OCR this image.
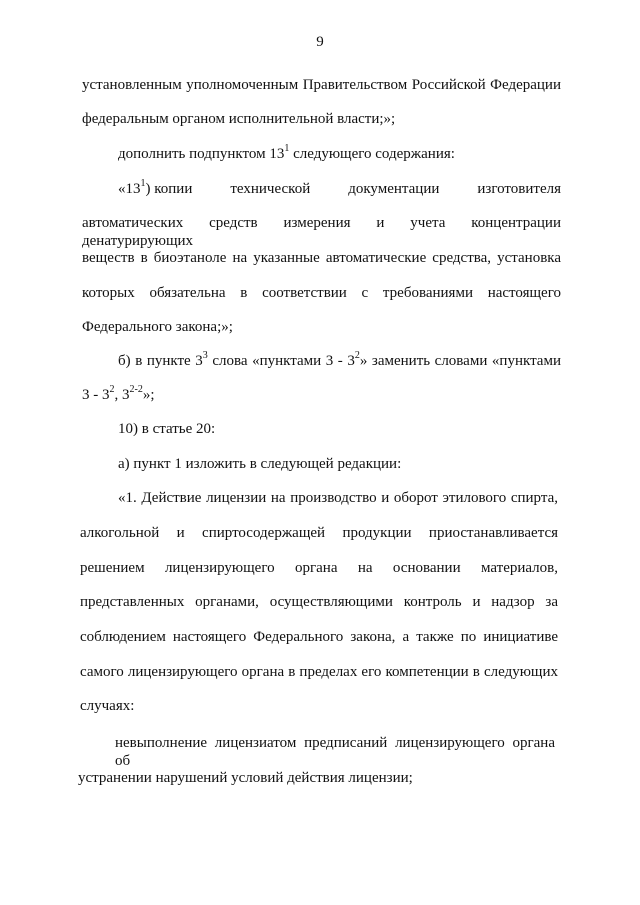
9
установленным уполномоченным Правительством Российской Федерации
федеральным органом исполнительной власти;»;
дополнить подпунктом $13^1$ следующего содержания:
«$13^1$) копии	технической	документации	изготовителя
автоматических средств измерения и учета концентрации денатурирующих
веществ в биоэтаноле на указанные автоматические средства, установка
которых обязательна в соответствии с требованиями настоящего
Федерального закона;»;
б) в пункте $3^3$ слова «пунктами $3 - 3^2$» заменить словами «пунктами
$3 - 3^2$, 3$^{2-2}$»;
10) в статье 20:
а) пункт 1 изложить в следующей редакции:
«1. Действие лицензии на производство и оборот этилового спирта,
алкогольной и спиртосодержащей продукции приостанавливается
решением лицензирующего органа на основании материалов,
представленных органами, осуществляющими контроль и надзор за
соблюдением настоящего Федерального закона, а также по инициативе
самого лицензирующего органа в пределах его компетенции в следующих
случаях:
невыполнение лицензиатом предписаний лицензирующего органа об
устранении нарушений условий действия лицензии;
